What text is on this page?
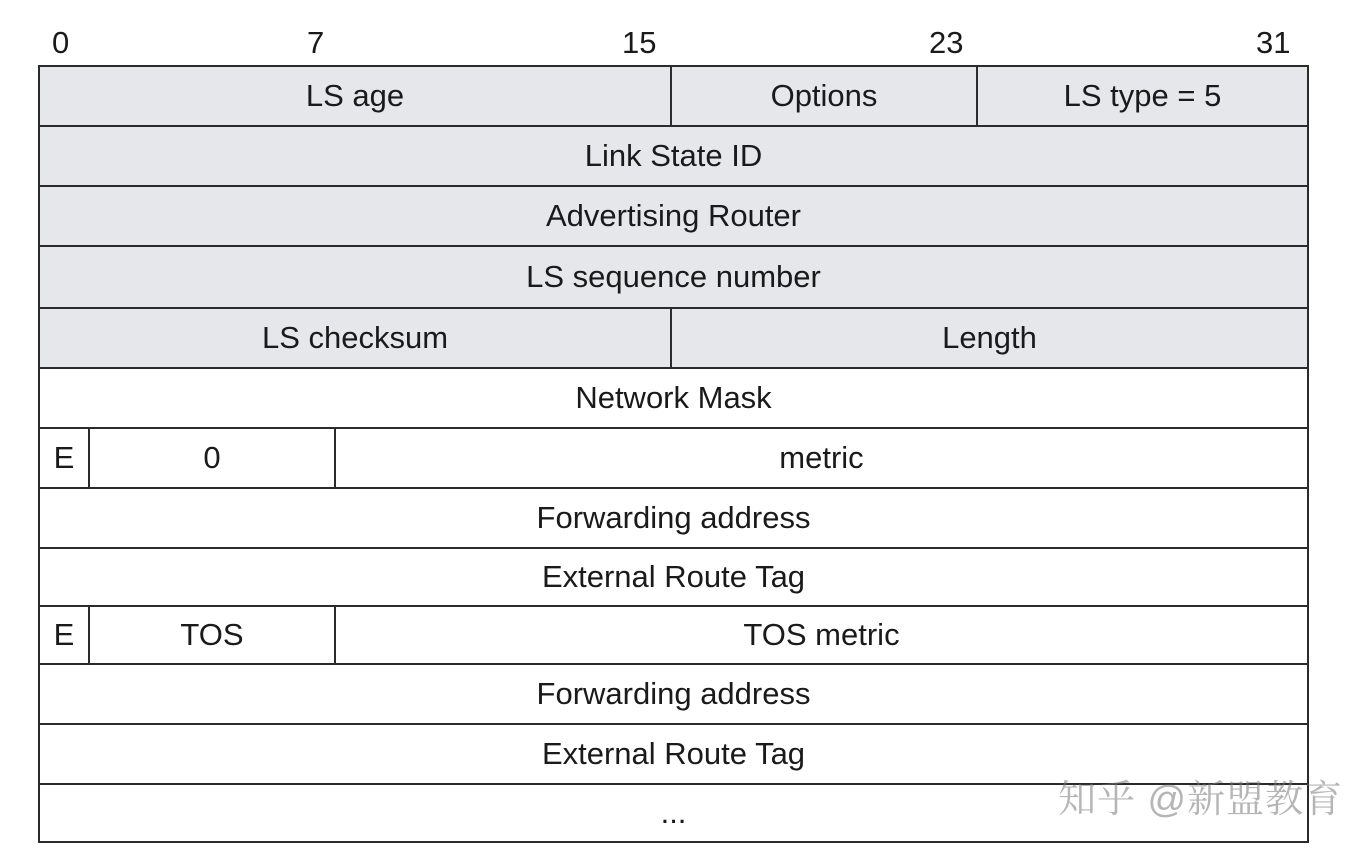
0	7	15	23	31
LS age	Options	LS type = 5
Link State ID
Advertising Router
LS sequence number
LS checksum	Length
Network Mask
E	0	metric
Forwarding address
External Route Tag
E	TOS	TOS metric
Forwarding address
External Route Tag
...	知乎 @新盟教育
